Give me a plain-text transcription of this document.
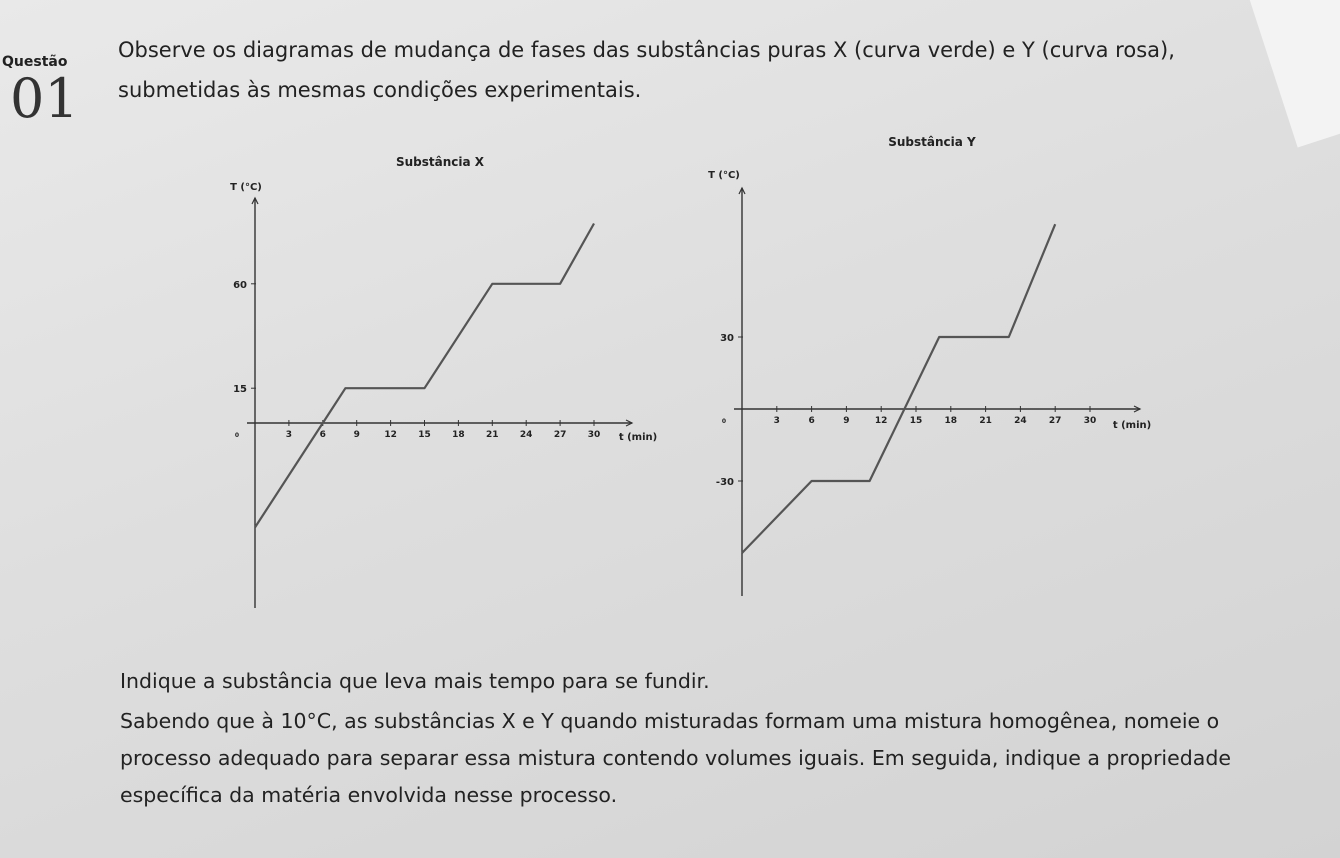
Questão
01
Observe os diagramas de mudança de fases das substâncias puras X (curva verde) e Y (curva rosa), submetidas às mesmas condições experimentais.
Substância X
T (°C)
t (min)
0	3	6	9	12 15 18 21 24 27 30
60
15
Substância Y
T (°C)
t (min)
0	3	6	9	12 15 18 21 24 27 30
30
-30
Indique a substância que leva mais tempo para se fundir.
Sabendo que à 10°C, as substâncias X e Y quando misturadas formam uma mistura homogênea, nomeie o processo adequado para separar essa mistura contendo volumes iguais. Em seguida, indique a propriedade específica da matéria envolvida nesse processo.
